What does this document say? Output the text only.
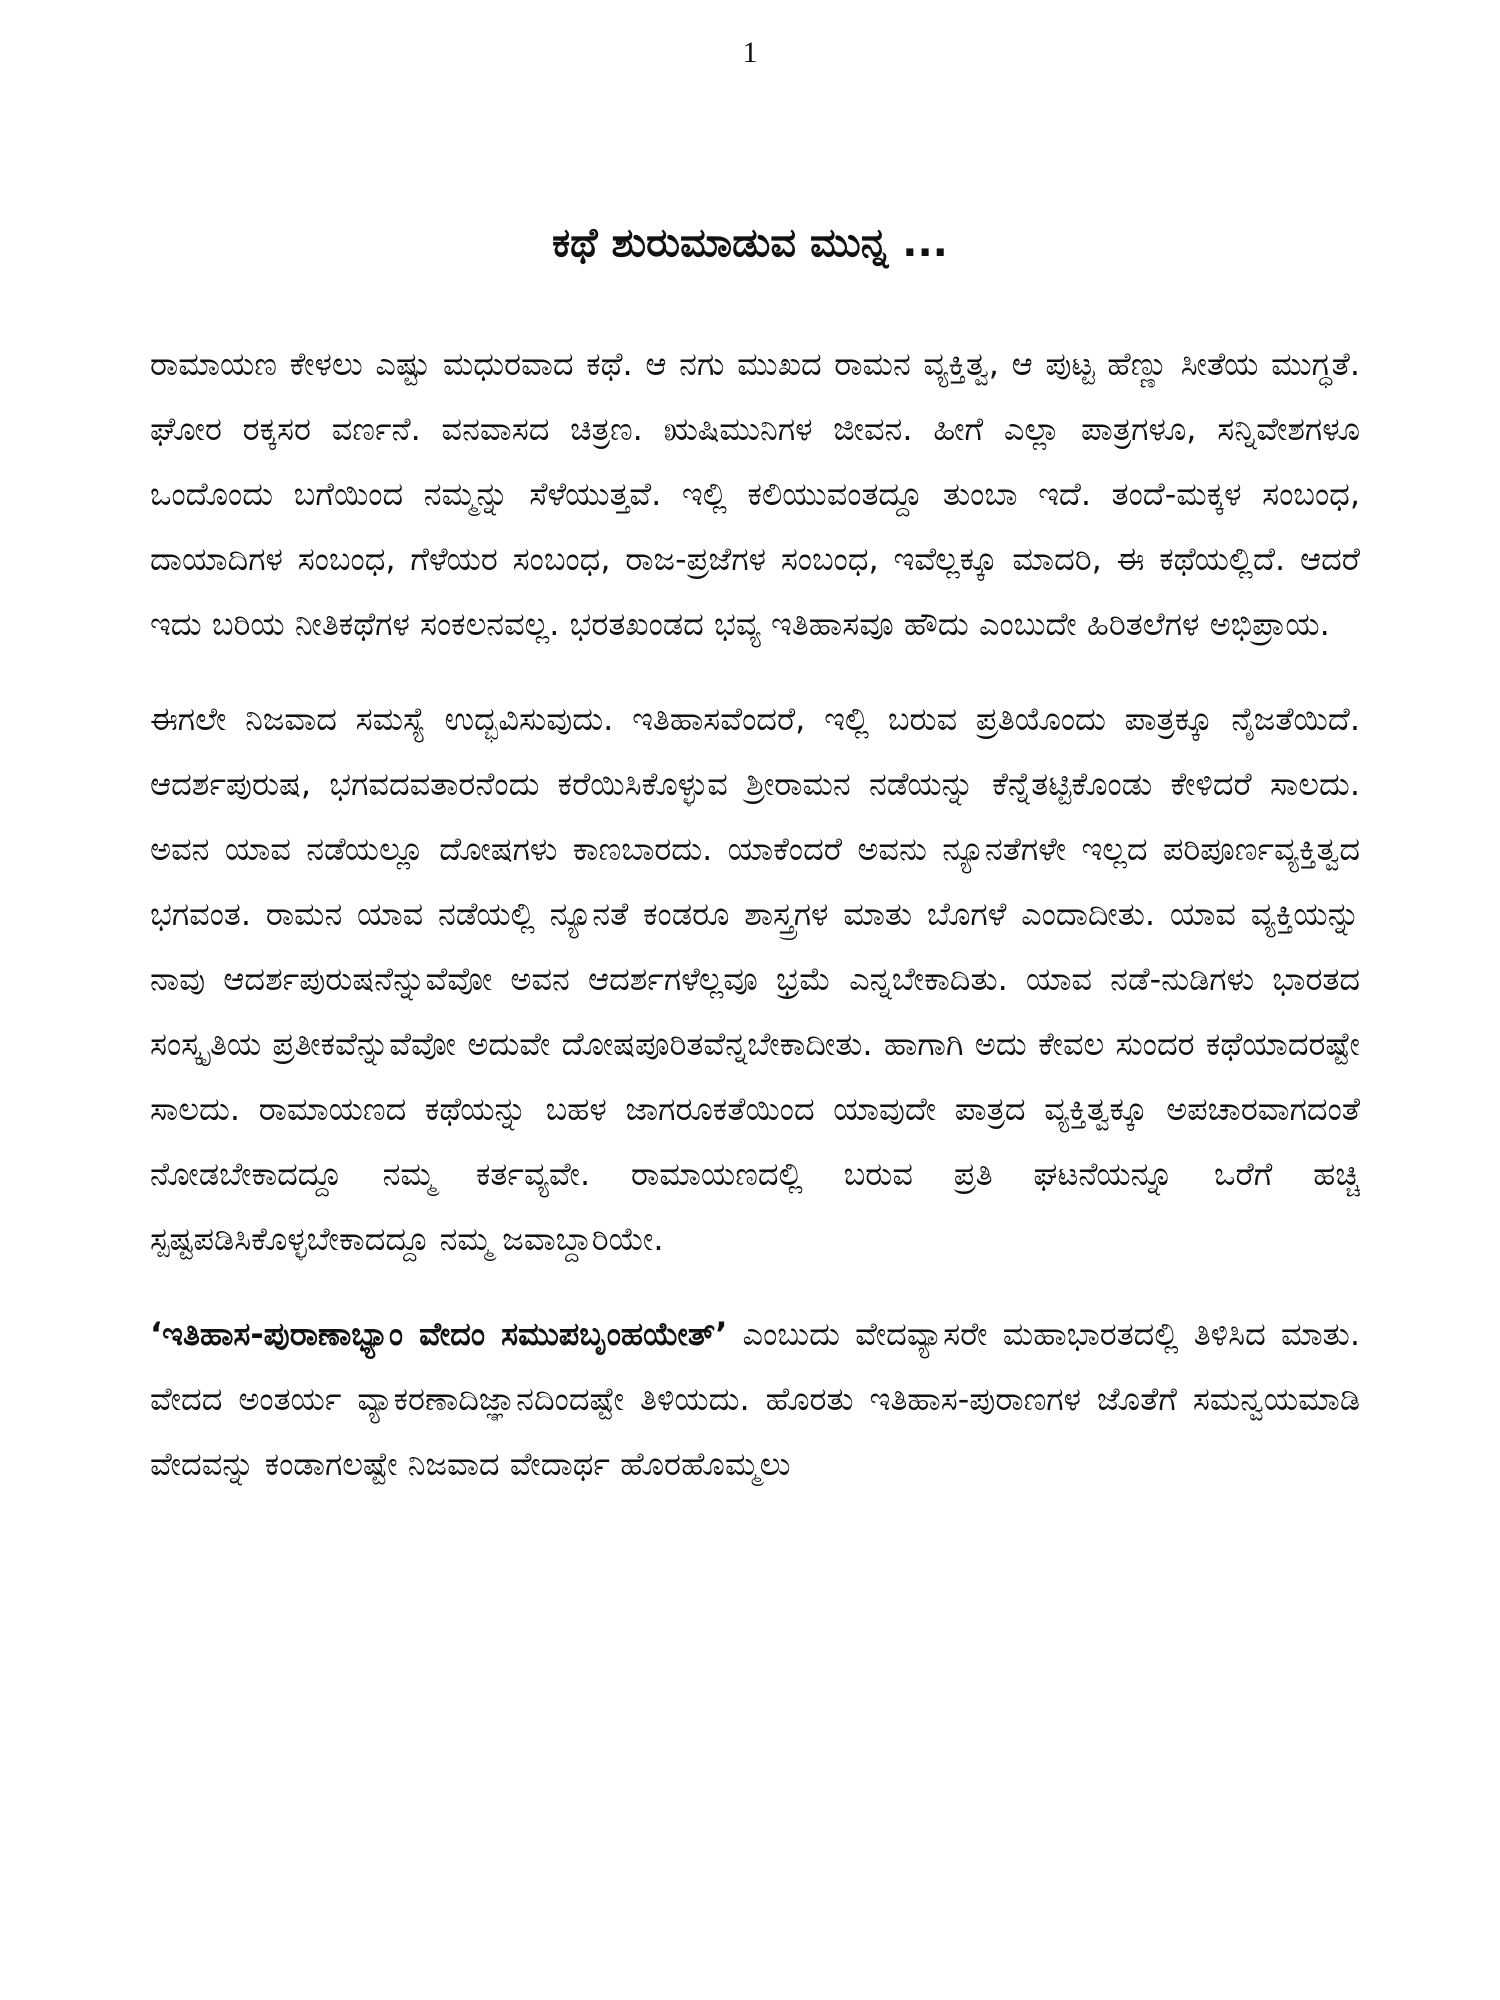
1
ಕಥೆ ಶುರುಮಾಡುವ ಮುನ್ನ ...

ರಾಮಾಯಣ ಕೇಳಲು ಎಷ್ಟು ಮಧುರವಾದ ಕಥೆ. ಆ ನಗು ಮುಖದ ರಾಮನ ವ್ಯಕ್ತಿತ್ವ, ಆ ಪುಟ್ಟ ಹೆಣ್ಣು ಸೀತೆಯ ಮುಗ್ಧತೆ. ಘೋರ ರಕ್ಕಸರ ವರ್ಣನೆ. ವನವಾಸದ ಚಿತ್ರಣ. ಋಷಿಮುನಿಗಳ ಜೀವನ. ಹೀಗೆ ಎಲ್ಲಾ ಪಾತ್ರಗಳೂ, ಸನ್ನಿವೇಶಗಳೂ ಒಂದೊಂದು ಬಗೆಯಿಂದ ನಮ್ಮನ್ನು ಸೆಳೆಯುತ್ತವೆ. ಇಲ್ಲಿ ಕಲಿಯುವಂತದ್ದೂ ತುಂಬಾ ಇದೆ. ತಂದೆ-ಮಕ್ಕಳ ಸಂಬಂಧ, ದಾಯಾದಿಗಳ ಸಂಬಂಧ, ಗೆಳೆಯರ ಸಂಬಂಧ, ರಾಜ-ಪ್ರಜೆಗಳ ಸಂಬಂಧ, ಇವೆಲ್ಲಕ್ಕೂ ಮಾದರಿ, ಈ ಕಥೆಯಲ್ಲಿದೆ. ಆದರೆ ಇದು ಬರಿಯ ನೀತಿಕಥೆಗಳ ಸಂಕಲನವಲ್ಲ. ಭರತಖಂಡದ ಭವ್ಯ ಇತಿಹಾಸವೂ ಹೌದು ಎಂಬುದೇ ಹಿರಿತಲೆಗಳ ಅಭಿಪ್ರಾಯ.

ಈಗಲೇ ನಿಜವಾದ ಸಮಸ್ಯೆ ಉದ್ಭವಿಸುವುದು. ಇತಿಹಾಸವೆಂದರೆ, ಇಲ್ಲಿ ಬರುವ ಪ್ರತಿಯೊಂದು ಪಾತ್ರಕ್ಕೂ ನೈಜತೆಯಿದೆ. ಆದರ್ಶಪುರುಷ, ಭಗವದವತಾರನೆಂದು ಕರೆಯಿಸಿಕೊಳ್ಳುವ ಶ್ರೀರಾಮನ ನಡೆಯನ್ನು ಕೆನ್ನೆತಟ್ಟಿಕೊಂಡು ಕೇಳಿದರೆ ಸಾಲದು. ಅವನ ಯಾವ ನಡೆಯಲ್ಲೂ ದೋಷಗಳು ಕಾಣಬಾರದು. ಯಾಕೆಂದರೆ ಅವನು ನ್ಯೂನತೆಗಳೇ ಇಲ್ಲದ ಪರಿಪೂರ್ಣವ್ಯಕ್ತಿತ್ವದ ಭಗವಂತ. ರಾಮನ ಯಾವ ನಡೆಯಲ್ಲಿ ನ್ಯೂನತೆ ಕಂಡರೂ ಶಾಸ್ತ್ರಗಳ ಮಾತು ಬೊಗಳೆ ಎಂದಾದೀತು. ಯಾವ ವ್ಯಕ್ತಿಯನ್ನು ನಾವು ಆದರ್ಶಪುರುಷನೆನ್ನುವೆವೋ ಅವನ ಆದರ್ಶಗಳೆಲ್ಲವೂ ಭ್ರಮೆ ಎನ್ನಬೇಕಾದಿತು. ಯಾವ ನಡೆ-ನುಡಿಗಳು ಭಾರತದ ಸಂಸ್ಕೃತಿಯ ಪ್ರತೀಕವೆನ್ನುವೆವೋ ಅದುವೇ ದೋಷಪೂರಿತವೆನ್ನಬೇಕಾದೀತು. ಹಾಗಾಗಿ ಅದು ಕೇವಲ ಸುಂದರ ಕಥೆಯಾದರಷ್ಟೇ ಸಾಲದು. ರಾಮಾಯಣದ ಕಥೆಯನ್ನು ಬಹಳ ಜಾಗರೂಕತೆಯಿಂದ ಯಾವುದೇ ಪಾತ್ರದ ವ್ಯಕ್ತಿತ್ವಕ್ಕೂ ಅಪಚಾರವಾಗದಂತೆ ನೋಡಬೇಕಾದದ್ದೂ ನಮ್ಮ ಕರ್ತವ್ಯವೇ. ರಾಮಾಯಣದಲ್ಲಿ ಬರುವ ಪ್ರತಿ ಘಟನೆಯನ್ನೂ ಒರೆಗೆ ಹಚ್ಚಿ ಸ್ಪಷ್ಟಪಡಿಸಿಕೊಳ್ಳಬೇಕಾದದ್ದೂ ನಮ್ಮ ಜವಾಬ್ದಾರಿಯೇ.

‘ಇತಿಹಾಸ-ಪುರಾಣಾಭ್ಯಾಂ ವೇದಂ ಸಮುಪಬೃಂಹಯೇತ್’ ಎಂಬುದು ವೇದವ್ಯಾಸರೇ ಮಹಾಭಾರತದಲ್ಲಿ ತಿಳಿಸಿದ ಮಾತು. ವೇದದ ಅಂತರ್ಯ ವ್ಯಾಕರಣಾದಿಜ್ಞಾನದಿಂದಷ್ಟೇ ತಿಳಿಯದು. ಹೊರತು ಇತಿಹಾಸ-ಪುರಾಣಗಳ ಜೊತೆಗೆ ಸಮನ್ವಯಮಾಡಿ ವೇದವನ್ನು ಕಂಡಾಗಲಷ್ಟೇ ನಿಜವಾದ ವೇದಾರ್ಥ ಹೊರಹೊಮ್ಮಲು
